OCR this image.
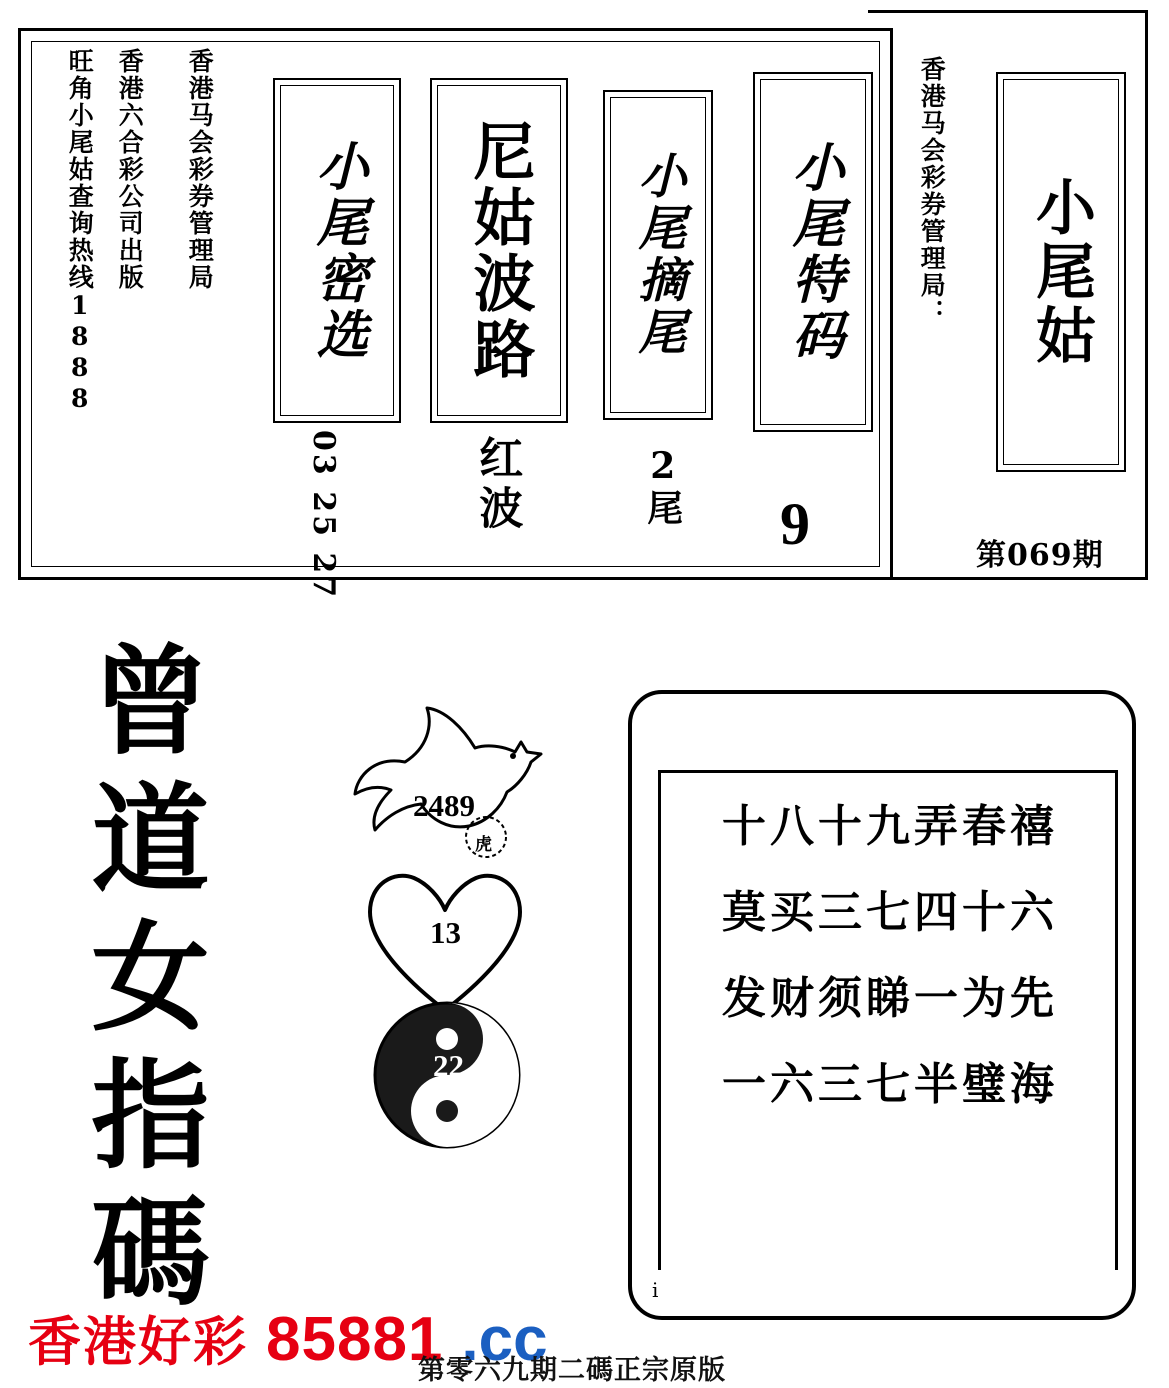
旺角小尾姑查询热线1888 香港六合彩公司出版 香港马会彩券管理局 小尾密选
03 25 27
尼姑波路
红波
小尾摘尾
2尾
小尾特码
9
香港马会彩券管理局： 小尾姑
第069期
曾
道
女
指
碼
2489
虎
13
22
十八十九弄春禧
莫买三七四十六
发财须睇一为先
一六三七半璧海
i
香港好彩 85881 .cc
第零六九期二碼正宗原版
